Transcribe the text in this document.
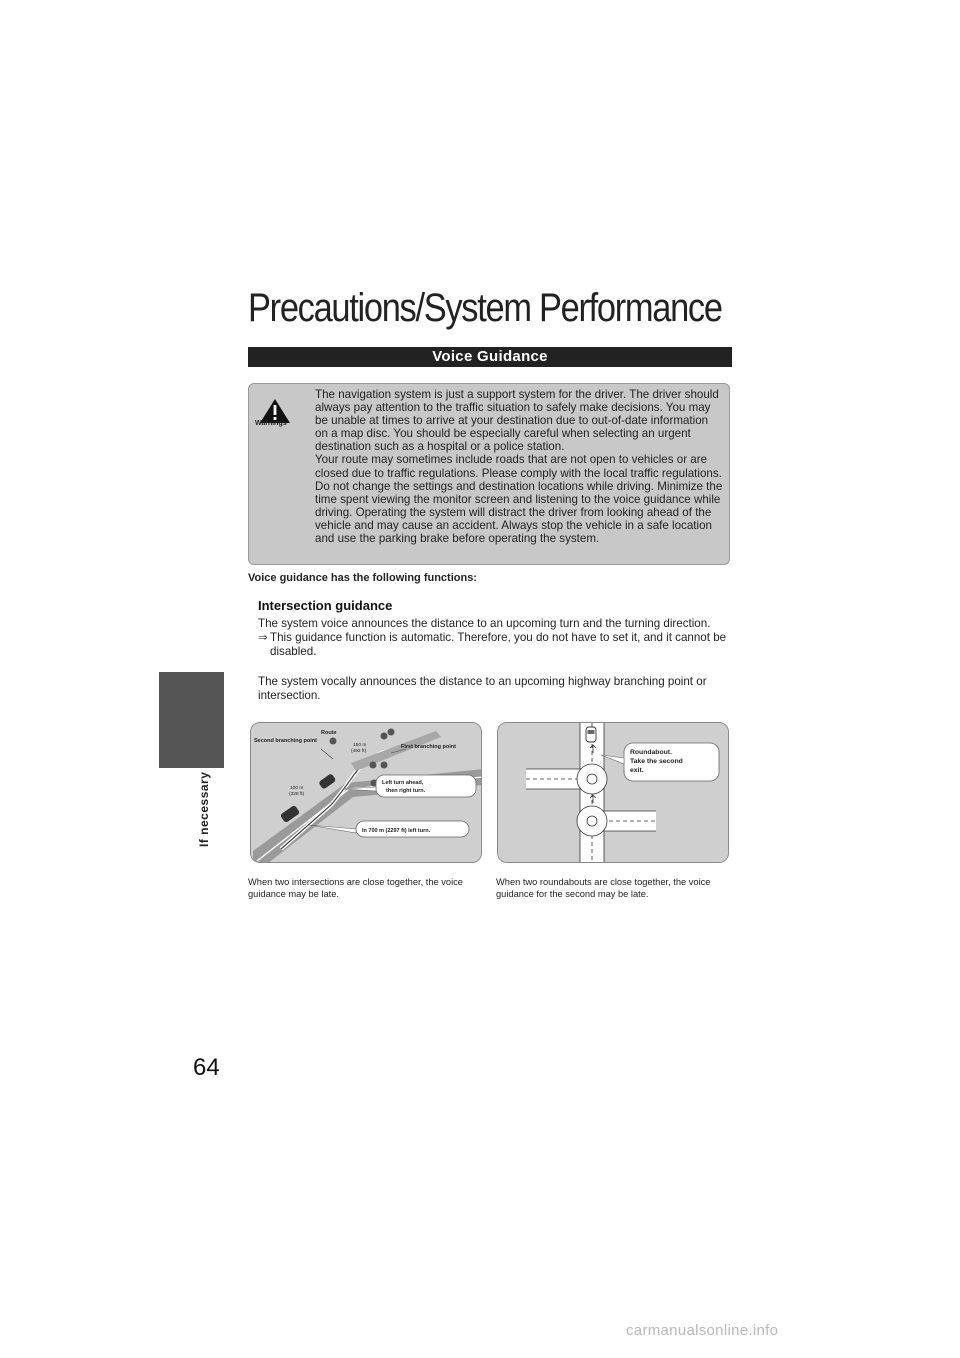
If necessary
64
Precautions/System Performance
Voice Guidance
Warnings

The navigation system is just a support system for the driver. The driver should always pay attention to the traffic situation to safely make decisions. You may be unable at times to arrive at your destination due to out-of-date information on a map disc. You should be especially careful when selecting an urgent destination such as a hospital or a police station.

Your route may sometimes include roads that are not open to vehicles or are closed due to traffic regulations. Please comply with the local traffic regulations.

Do not change the settings and destination locations while driving. Minimize the time spent viewing the monitor screen and listening to the voice guidance while driving. Operating the system will distract the driver from looking ahead of the vehicle and may cause an accident. Always stop the vehicle in a safe location and use the parking brake before operating the system.

Voice guidance has the following functions:

Intersection guidance

The system voice announces the distance to an upcoming turn and the turning direction.

⇒ This guidance function is automatic. Therefore, you do not have to set it, and it cannot be disabled.

The system vocally announces the distance to an upcoming highway branching point or intersection.

Route
Second branching point
First branching point
150 m
(492 ft)
100 m
(328 ft)
Left turn ahead,
then right turn.
In 700 m (2297 ft) left turn.
Roundabout.
Take the second
exit.

When two intersections are close together, the voice guidance may be late.

When two roundabouts are close together, the voice guidance for the second may be late.

carmanualsonline.info
